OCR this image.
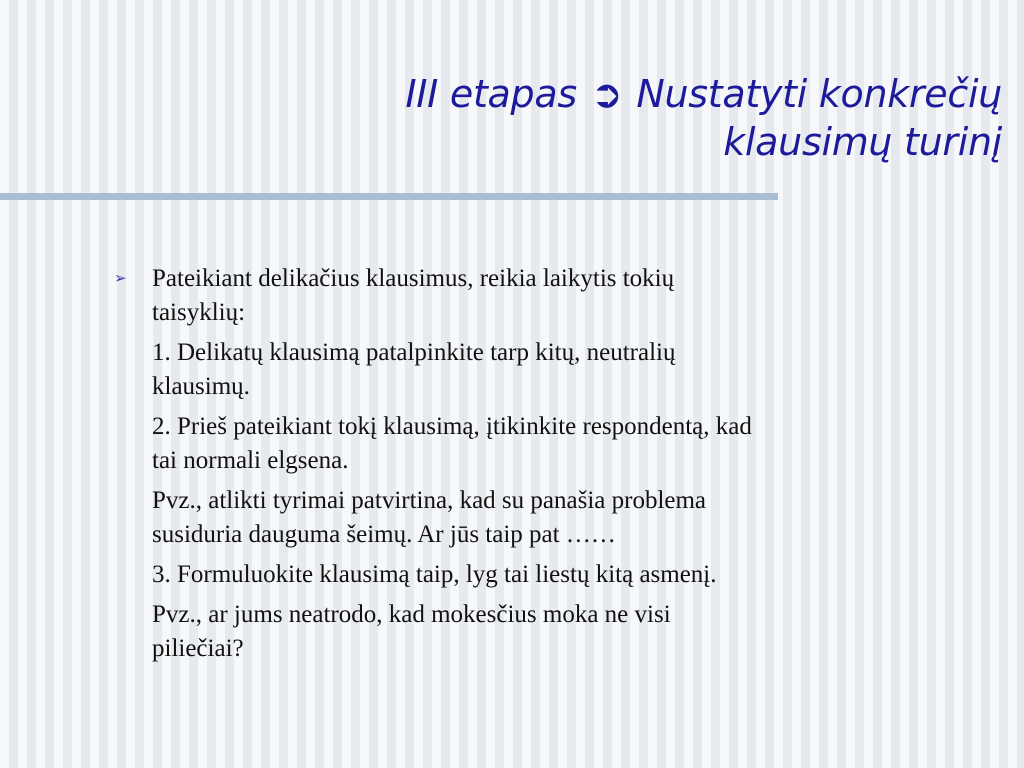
III etapas ➲ Nustatyti konkrečių
klausimų turinį
➢ Pateikiant delikačius klausimus, reikia laikytis tokių
taisyklių:

1. Delikatų klausimą patalpinkite tarp kitų, neutralių
klausimų.

2. Prieš pateikiant tokį klausimą, įtikinkite respondentą, kad
tai normali elgsena.

Pvz., atlikti tyrimai patvirtina, kad su panašia problema
susiduria dauguma šeimų. Ar jūs taip pat ……

3. Formuluokite klausimą taip, lyg tai liestų kitą asmenį.

Pvz., ar jums neatrodo, kad mokesčius moka ne visi
piliečiai?
